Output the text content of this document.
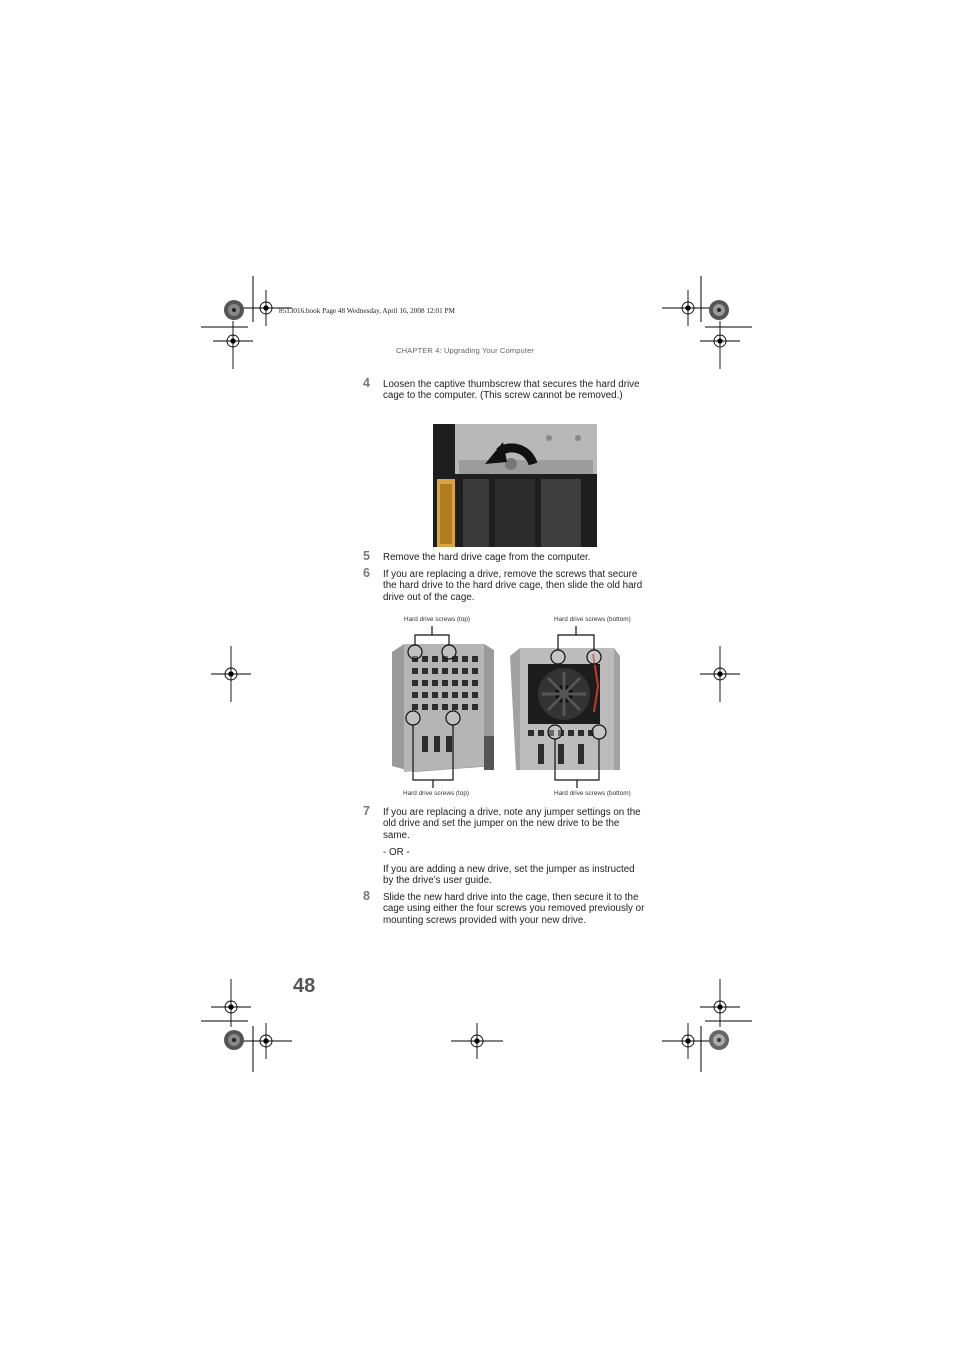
8513016.book Page 48 Wednesday, April 16, 2008 12:01 PM
CHAPTER 4: Upgrading Your Computer
4	Loosen the captive thumbscrew that secures the hard drive cage to the computer. (This screw cannot be removed.)
5	Remove the hard drive cage from the computer.
6	If you are replacing a drive, remove the screws that secure the hard drive to the hard drive cage, then slide the old hard drive out of the cage.
Hard drive screws (top)	Hard drive screws (bottom)
Hard drive screws (top)	Hard drive screws (bottom)
7	If you are replacing a drive, note any jumper settings on the old drive and set the jumper on the new drive to be the same.
- OR -
If you are adding a new drive, set the jumper as instructed by the drive’s user guide.
8	Slide the new hard drive into the cage, then secure it to the cage using either the four screws you removed previously or mounting screws provided with your new drive.
48
